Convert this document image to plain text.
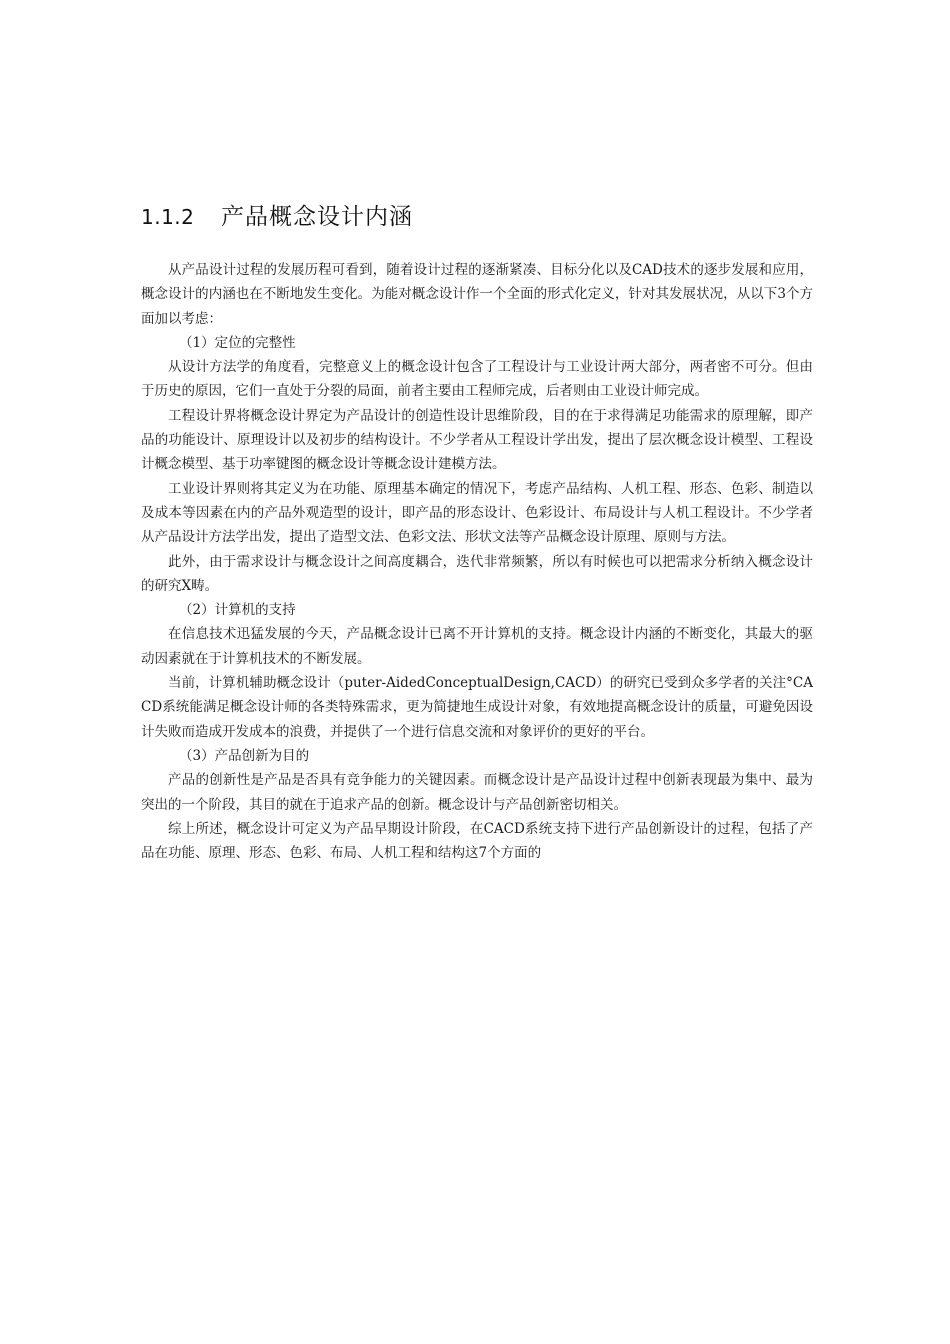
1.1.2	产品概念设计内涵

从产品设计过程的发展历程可看到，随着设计过程的逐渐紧凑、目标分化以及CAD技术的逐步发展和应用，概念设计的内涵也在不断地发生变化。为能对概念设计作一个全面的形式化定义，针对其发展状况，从以下3个方面加以考虑：

（1）定位的完整性

从设计方法学的角度看，完整意义上的概念设计包含了工程设计与工业设计两大部分，两者密不可分。但由于历史的原因，它们一直处于分裂的局面，前者主要由工程师完成，后者则由工业设计师完成。

工程设计界将概念设计界定为产品设计的创造性设计思维阶段，目的在于求得满足功能需求的原理解，即产品的功能设计、原理设计以及初步的结构设计。不少学者从工程设计学出发，提出了层次概念设计模型、工程设计概念模型、基于功率键图的概念设计等概念设计建模方法。

工业设计界则将其定义为在功能、原理基本确定的情况下，考虑产品结构、人机工程、形态、色彩、制造以及成本等因素在内的产品外观造型的设计，即产品的形态设计、色彩设计、布局设计与人机工程设计。不少学者从产品设计方法学出发，提出了造型文法、色彩文法、形状文法等产品概念设计原理、原则与方法。

此外，由于需求设计与概念设计之间高度耦合，迭代非常频繁，所以有时候也可以把需求分析纳入概念设计的研究X畴。

（2）计算机的支持

在信息技术迅猛发展的今天，产品概念设计已离不开计算机的支持。概念设计内涵的不断变化，其最大的驱动因素就在于计算机技术的不断发展。

当前，计算机辅助概念设计（puter-AidedConceptualDesign,CACD）的研究已受到众多学者的关注°CACD系统能满足概念设计师的各类特殊需求，更为简捷地生成设计对象，有效地提高概念设计的质量，可避免因设计失败而造成开发成本的浪费，并提供了一个进行信息交流和对象评价的更好的平台。

（3）产品创新为目的

产品的创新性是产品是否具有竞争能力的关键因素。而概念设计是产品设计过程中创新表现最为集中、最为突出的一个阶段，其目的就在于追求产品的创新。概念设计与产品创新密切相关。

综上所述，概念设计可定义为产品早期设计阶段，在CACD系统支持下进行产品创新设计的过程，包括了产品在功能、原理、形态、色彩、布局、人机工程和结构这7个方面的
